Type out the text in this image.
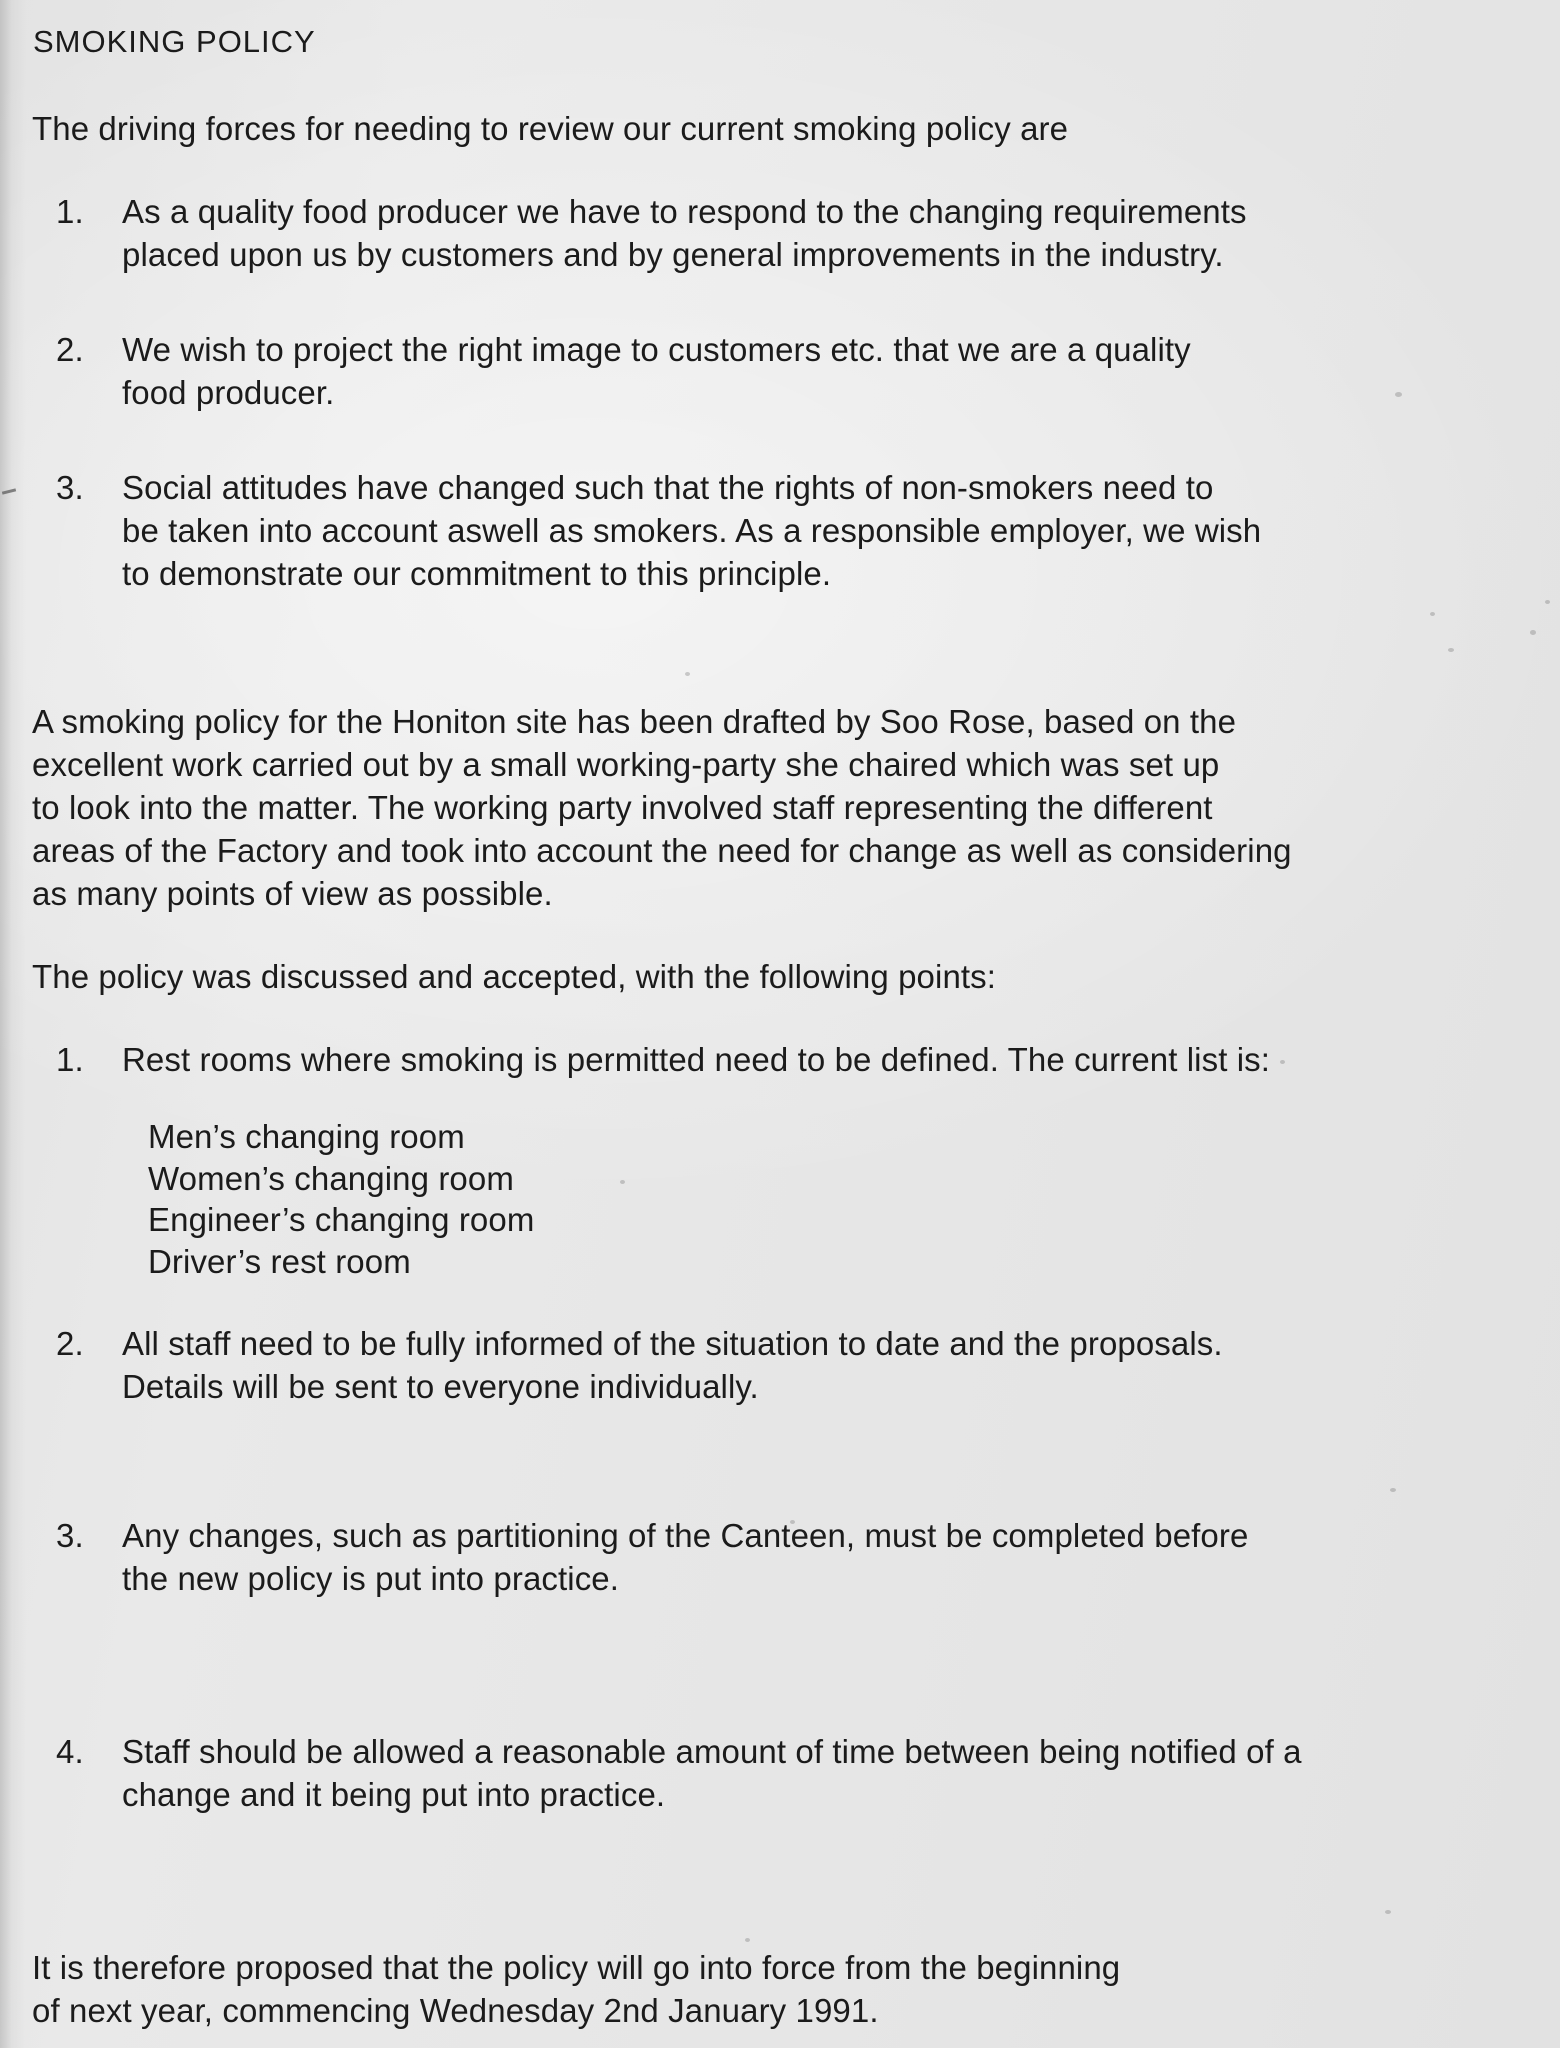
SMOKING POLICY
The driving forces for needing to review our current smoking policy are
1.	As a quality food producer we have to respond to the changing requirements
placed upon us by customers and by general improvements in the industry.
2.	We wish to project the right image to customers etc. that we are a quality
food producer.
3.	Social attitudes have changed such that the rights of non-smokers need to
be taken into account aswell as smokers. As a responsible employer, we wish
to demonstrate our commitment to this principle.
A smoking policy for the Honiton site has been drafted by Soo Rose, based on the
excellent work carried out by a small working-party she chaired which was set up
to look into the matter. The working party involved staff representing the different
areas of the Factory and took into account the need for change as well as considering
as many points of view as possible.
The policy was discussed and accepted, with the following points:
1.	Rest rooms where smoking is permitted need to be defined. The current list is:
Men’s changing room
Women’s changing room
Engineer’s changing room
Driver’s rest room
2.	All staff need to be fully informed of the situation to date and the proposals.
Details will be sent to everyone individually.
3.	Any changes, such as partitioning of the Canteen, must be completed before
the new policy is put into practice.
4.	Staff should be allowed a reasonable amount of time between being notified of a
change and it being put into practice.
It is therefore proposed that the policy will go into force from the beginning
of next year, commencing Wednesday 2nd January 1991.
